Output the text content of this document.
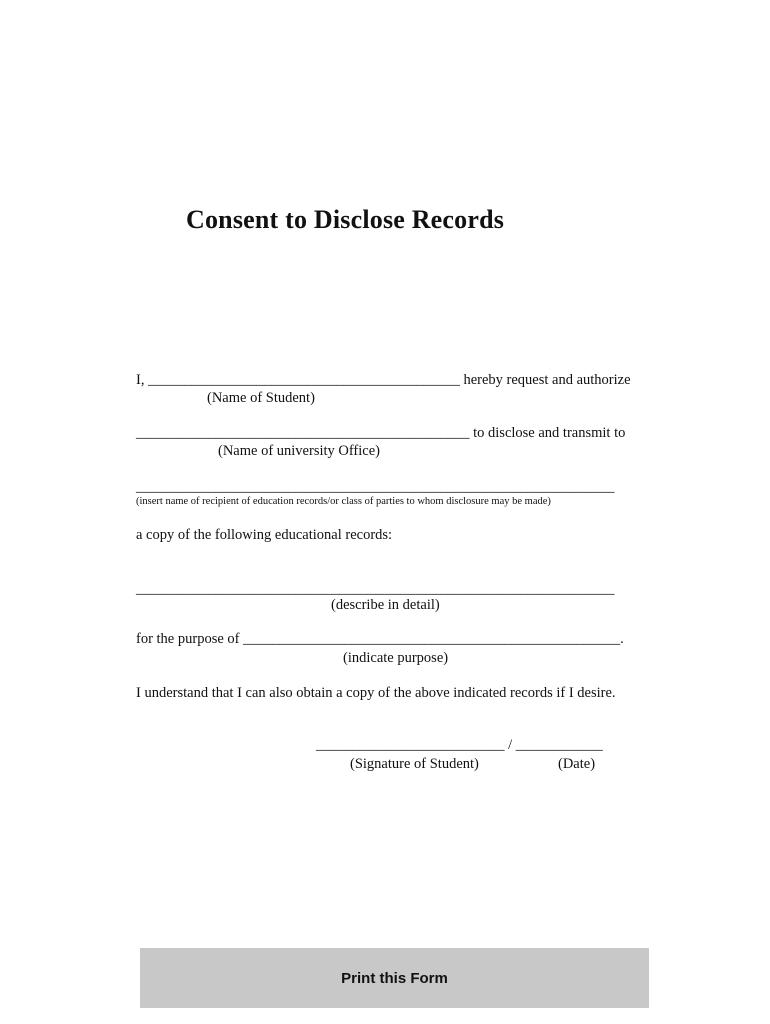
Consent to Disclose Records
I, ___________________________________________ hereby request and authorize
(Name of Student)
______________________________________________ to disclose and transmit to
(Name of university Office)
__________________________________________________________________
(insert name of recipient of education records/or class of parties to whom disclosure may be made)
a copy of the following educational records:
__________________________________________________________________
(describe in detail)
for the purpose of ____________________________________________________.
(indicate purpose)
I understand that I can also obtain a copy of the above indicated records if I desire.
__________________________ / ____________
(Signature of Student)	(Date)
Print this Form
